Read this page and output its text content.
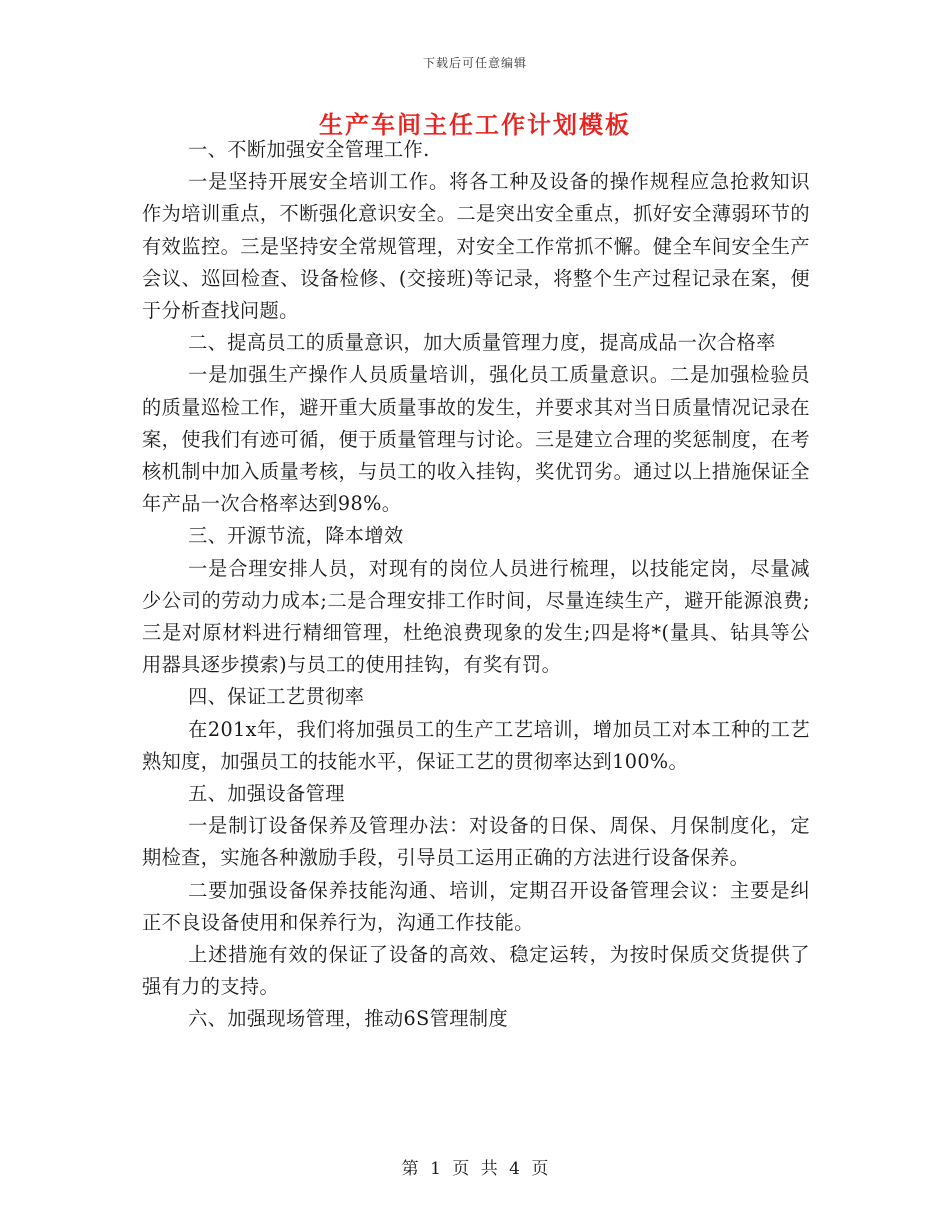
下载后可任意编辑
生产车间主任工作计划模板

一、不断加强安全管理工作.

一是坚持开展安全培训工作。将各工种及设备的操作规程应急抢救知识作为培训重点，不断强化意识安全。二是突出安全重点，抓好安全薄弱环节的有效监控。三是坚持安全常规管理，对安全工作常抓不懈。健全车间安全生产会议、巡回检查、设备检修、(交接班)等记录，将整个生产过程记录在案，便于分析查找问题。

二、提高员工的质量意识，加大质量管理力度，提高成品一次合格率

一是加强生产操作人员质量培训，强化员工质量意识。二是加强检验员的质量巡检工作，避开重大质量事故的发生，并要求其对当日质量情况记录在案，使我们有迹可循，便于质量管理与讨论。三是建立合理的奖惩制度，在考核机制中加入质量考核，与员工的收入挂钩，奖优罚劣。通过以上措施保证全年产品一次合格率达到98%。

三、开源节流，降本增效

一是合理安排人员，对现有的岗位人员进行梳理，以技能定岗，尽量减少公司的劳动力成本;二是合理安排工作时间，尽量连续生产，避开能源浪费;三是对原材料进行精细管理，杜绝浪费现象的发生;四是将*(量具、钻具等公用器具逐步摸索)与员工的使用挂钩，有奖有罚。

四、保证工艺贯彻率

在201x年，我们将加强员工的生产工艺培训，增加员工对本工种的工艺熟知度，加强员工的技能水平，保证工艺的贯彻率达到100%。

五、加强设备管理

一是制订设备保养及管理办法：对设备的日保、周保、月保制度化，定期检查，实施各种激励手段，引导员工运用正确的方法进行设备保养。

二要加强设备保养技能沟通、培训，定期召开设备管理会议：主要是纠正不良设备使用和保养行为，沟通工作技能。

上述措施有效的保证了设备的高效、稳定运转，为按时保质交货提供了强有力的支持。

六、加强现场管理，推动6S管理制度

第 1 页 共 4 页
